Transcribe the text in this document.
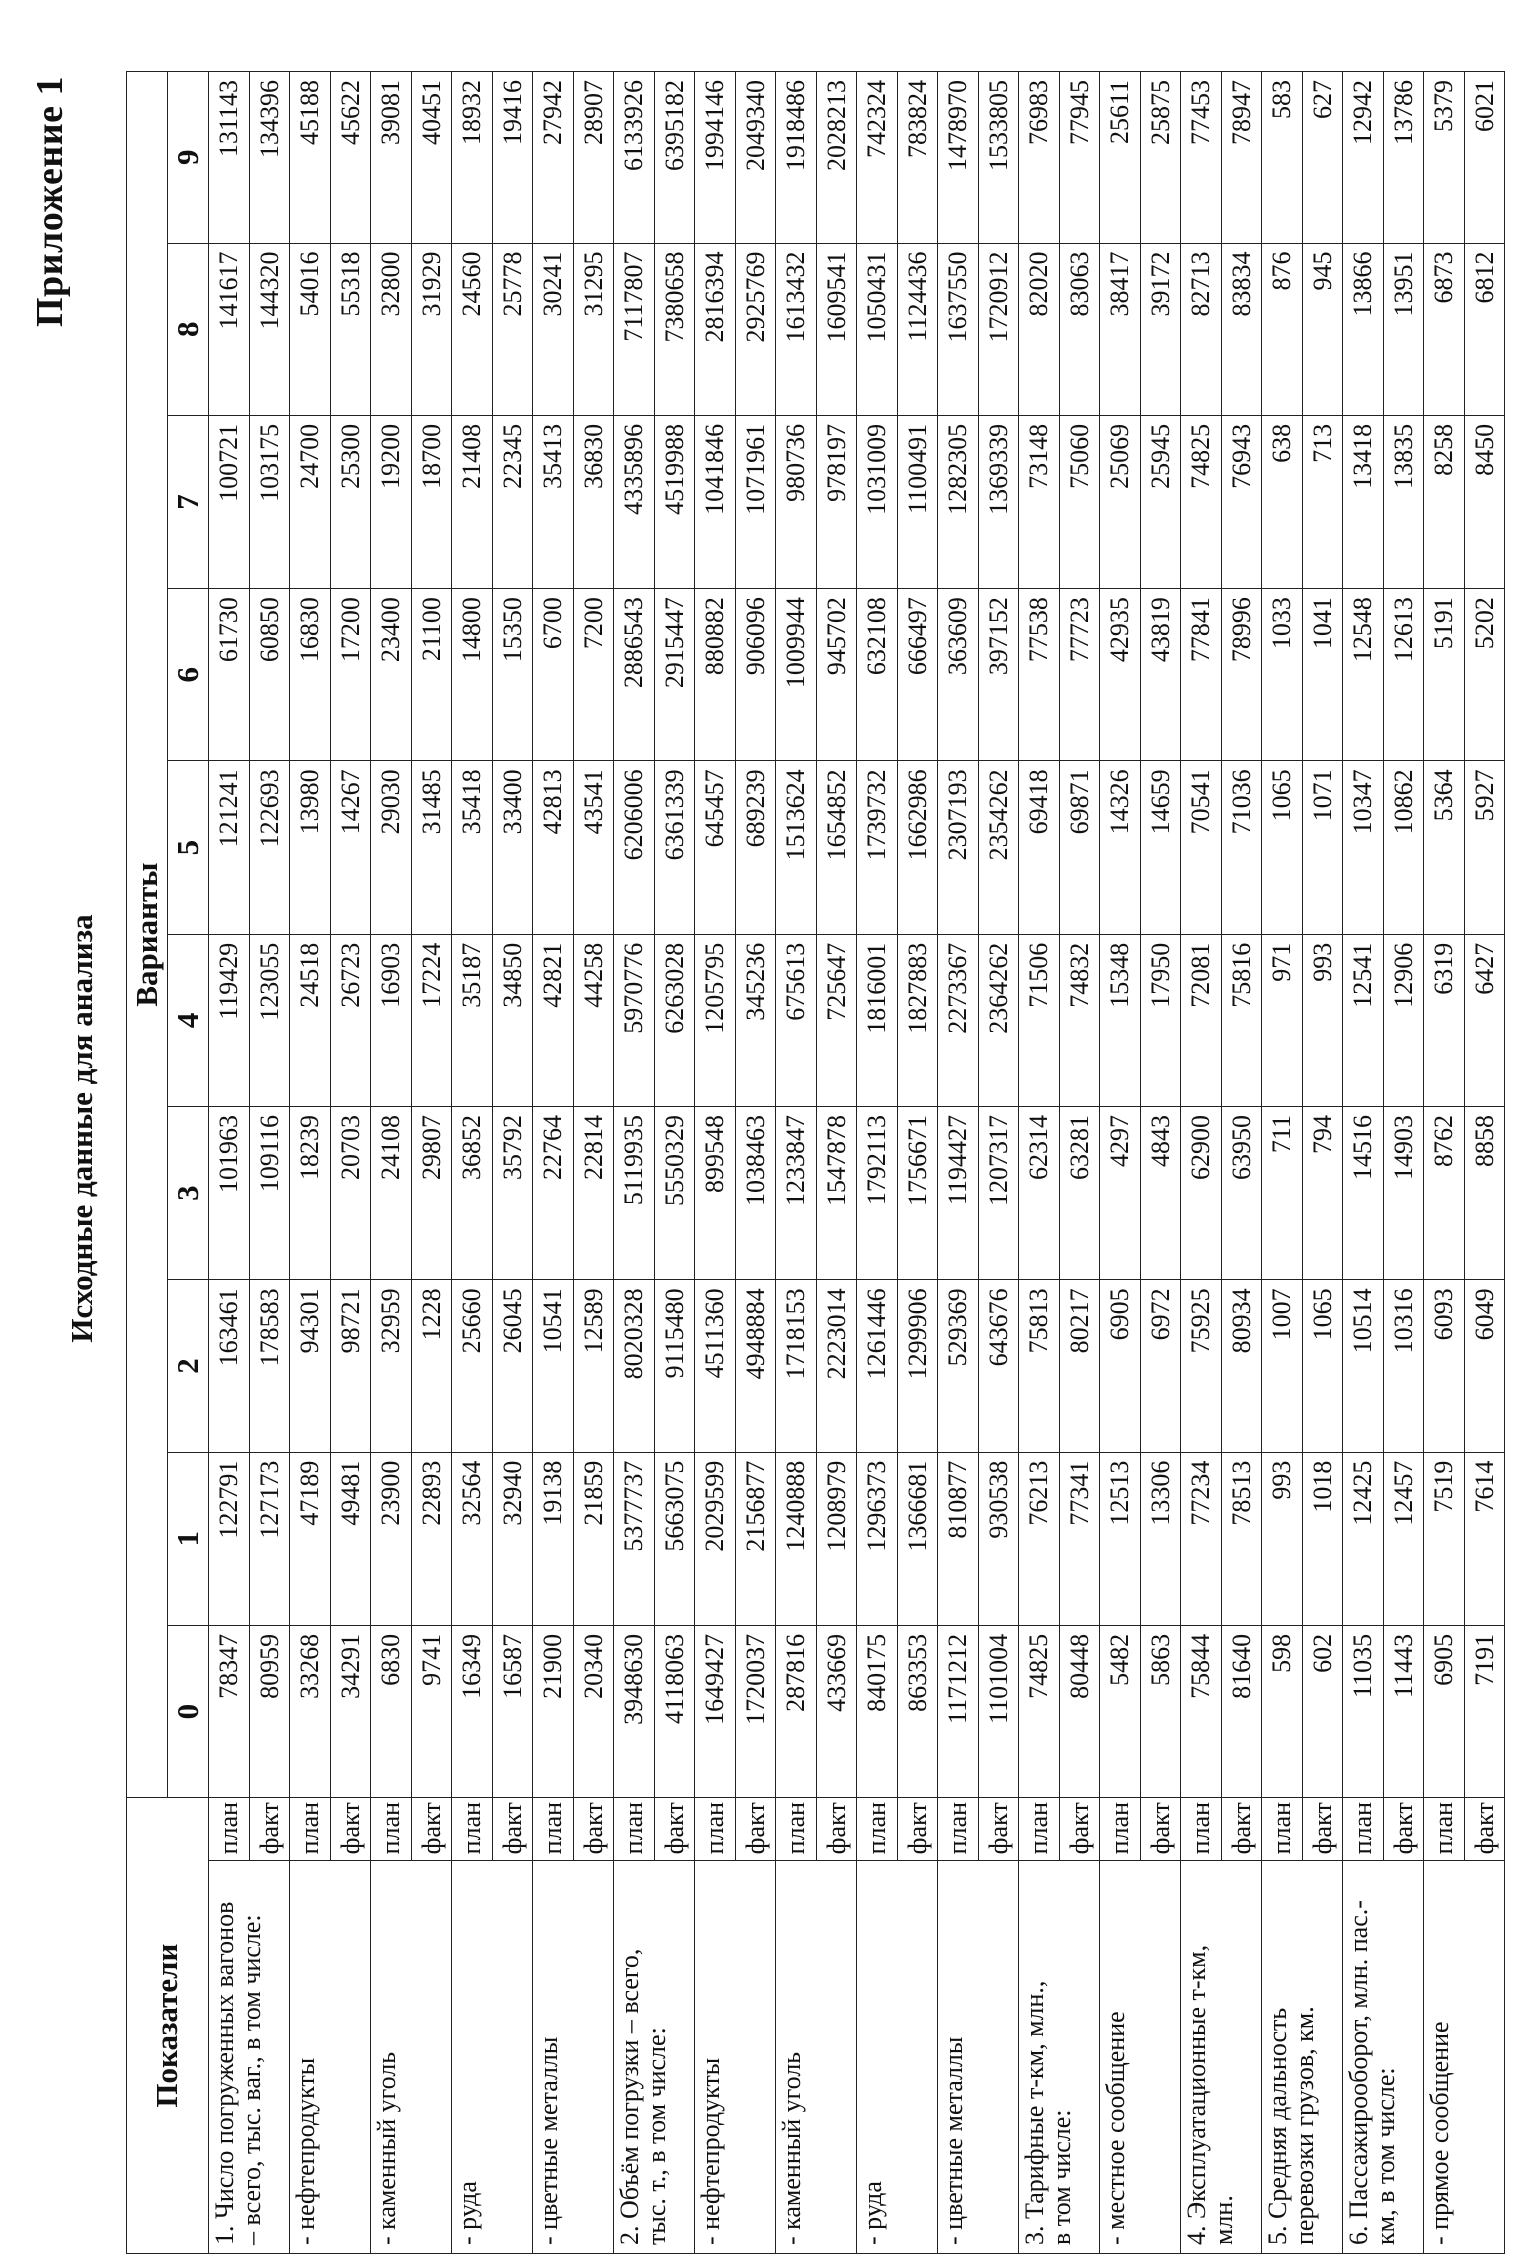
Приложение 1
Исходные данные для анализа
Показатели		Варианты									
		0	1	2	3	4	5	6	7	8	9

1. Число погруженных вагонов
– всего, тыс. ваг., в том числе:	план	78347	122791	163461	101963	119429	121241	61730	100721	141617	131143
	факт	80959	127173	178583	109116	123055	122693	60850	103175	144320	134396

- нефтепродукты	план	33268	47189	94301	18239	24518	13980	16830	24700	54016	45188
	факт	34291	49481	98721	20703	26723	14267	17200	25300	55318	45622

- каменный уголь	план	6830	23900	32959	24108	16903	29030	23400	19200	32800	39081
	факт	9741	22893	1228	29807	17224	31485	21100	18700	31929	40451

- руда	план	16349	32564	25660	36852	35187	35418	14800	21408	24560	18932
	факт	16587	32940	26045	35792	34850	33400	15350	22345	25778	19416

- цветные металлы	план	21900	19138	10541	22764	42821	42813	6700	35413	30241	27942
	факт	20340	21859	12589	22814	44258	43541	7200	36830	31295	28907

2. Объём погрузки – всего,
тыс. т., в том числе:	план	3948630	5377737	8020328	5119935	5970776	6206006	2886543	4335896	7117807	6133926
	факт	4118063	5663075	9115480	5550329	6263028	6361339	2915447	4519988	7380658	6395182

- нефтепродукты	план	1649427	2029599	4511360	899548	1205795	645457	880882	1041846	2816394	1994146
	факт	1720037	2156877	4948884	1038463	345236	689239	906096	1071961	2925769	2049340

- каменный уголь	план	287816	1240888	1718153	1233847	675613	1513624	1009944	980736	1613432	1918486
	факт	433669	1208979	2223014	1547878	725647	1654852	945702	978197	1609541	2028213

- руда	план	840175	1296373	1261446	1792113	1816001	1739732	632108	1031009	1050431	742324
	факт	863353	1366681	1299906	1756671	1827883	1662986	666497	1100491	1124436	783824

- цветные металлы	план	1171212	810877	529369	1194427	2273367	2307193	363609	1282305	1637550	1478970
	факт	1101004	930538	643676	1207317	2364262	2354262	397152	1369339	1720912	1533805

3. Тарифные т-км, млн.,
в том числе:	план	74825	76213	75813	62314	71506	69418	77538	73148	82020	76983
	факт	80448	77341	80217	63281	74832	69871	77723	75060	83063	77945

- местное сообщение	план	5482	12513	6905	4297	15348	14326	42935	25069	38417	25611
	факт	5863	13306	6972	4843	17950	14659	43819	25945	39172	25875

4. Эксплуатационные т-км,
млн.	план	75844	77234	75925	62900	72081	70541	77841	74825	82713	77453
	факт	81640	78513	80934	63950	75816	71036	78996	76943	83834	78947

5. Средняя дальность
перевозки грузов, км.	план	598	993	1007	711	971	1065	1033	638	876	583
	факт	602	1018	1065	794	993	1071	1041	713	945	627

6. Пассажирооборот, млн. пас.-
км, в том числе:	план	11035	12425	10514	14516	12541	10347	12548	13418	13866	12942
	факт	11443	12457	10316	14903	12906	10862	12613	13835	13951	13786

- прямое сообщение	план	6905	7519	6093	8762	6319	5364	5191	8258	6873	5379
	факт	7191	7614	6049	8858	6427	5927	5202	8450	6812	6021
